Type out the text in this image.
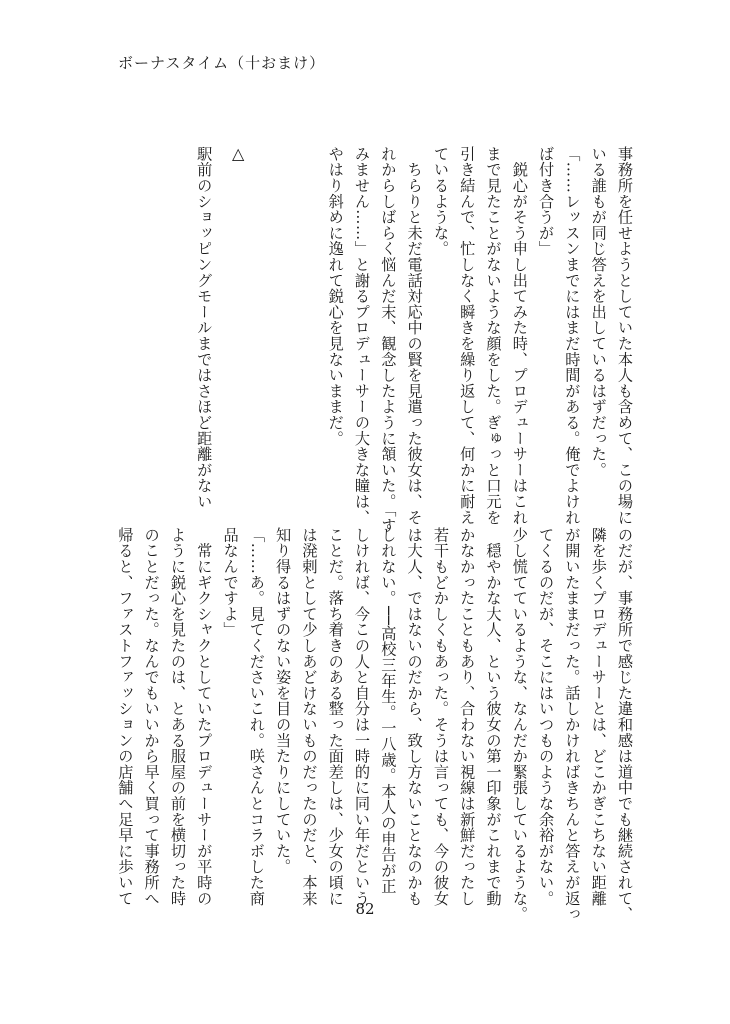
ボーナスタイム（十おまけ）
事務所を任せようとしていた本人も含めて、この場に
いる誰もが同じ答えを出しているはずだった。
「……レッスンまでにはまだ時間がある。俺でよけれ
ば付き合うが」
　鋭心がそう申し出てみた時、プロデューサーはこれ
まで見たことがないような顔をした。ぎゅっと口元を
引き結んで、忙しなく瞬きを繰り返して、何かに耐え
ているような。
　ちらりと未だ電話対応中の賢を見遣った彼女は、そ
れからしばらく悩んだ末、観念したように頷いた。「す
みません……」と謝るプロデューサーの大きな瞳は、
やはり斜めに逸れて鋭心を見ないままだ。

駅前のショッピングモールまではさほど距離がない △
のだが、事務所で感じた違和感は道中でも継続されて、
隣を歩くプロデューサーとは、どこかぎこちない距離
が開いたままだった。話しかければきちんと答えが返っ
てくるのだが、そこにはいつものような余裕がない。
少し慌てているような、なんだか緊張しているような。
　穏やかな大人、という彼女の第一印象がこれまで動
かなかったこともあり、合わない視線は新鮮だったし
若干もどかしくもあった。そうは言っても、今の彼女
は大人、ではないのだから、致し方ないことなのかも
しれない。──高校三年生。一八歳。本人の申告が正
しければ、今この人と自分は一時的に同い年だという
ことだ。落ち着きのある整った面差しは、少女の頃に
は溌剌として少しあどけないものだったのだと、本来
知り得るはずのない姿を目の当たりにしていた。
「……あ。見てくださいこれ。咲さんとコラボした商
品なんですよ」
　常にギクシャクとしていたプロデューサーが平時の
ように鋭心を見たのは、とある服屋の前を横切った時
のことだった。なんでもいいから早く買って事務所へ
帰ると、ファストファッションの店舗へ足早に歩いて
82
